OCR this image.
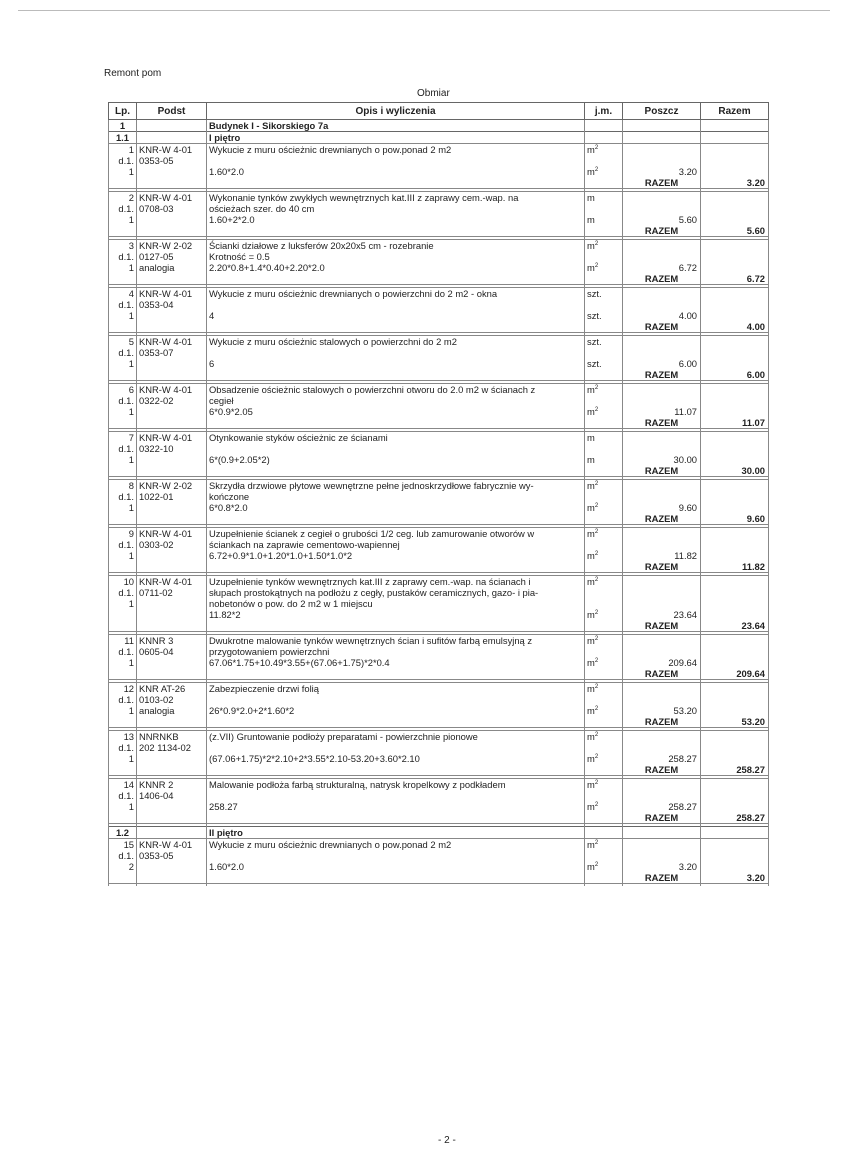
Remont pom
Obmiar
Lp.	Podst	Opis i wyliczenia	j.m.	Poszcz	Razem
1		Budynek I - Sikorskiego 7a			
1.1		I piętro			
1	KNR-W 4-01	Wykucie z muru ościeżnic drewnianych o pow.ponad 2 m2	$m^2$		
d.1.	0353-05				
1		1.60*2.0	$m^2$	3.20	
				RAZEM	3.20

2	KNR-W 4-01	Wykonanie tynków zwykłych wewnętrznych kat.III z zaprawy cem.-wap. na	m		
d.1.	0708-03	ościeżach szer. do 40 cm			
1		1.60+2*2.0	m	5.60	
				RAZEM	5.60

3	KNR-W 2-02	Ścianki działowe z luksferów 20x20x5 cm - rozebranie	$m^2$		
d.1.	0127-05	Krotność = 0.5			
1	analogia	2.20*0.8+1.4*0.40+2.20*2.0	$m^2$	6.72	
				RAZEM	6.72

4	KNR-W 4-01	Wykucie z muru ościeżnic drewnianych o powierzchni do 2 m2 - okna	szt.		
d.1.	0353-04				
1		4	szt.	4.00	
				RAZEM	4.00

5	KNR-W 4-01	Wykucie z muru ościeżnic stalowych o powierzchni do 2 m2	szt.		
d.1.	0353-07				
1		6	szt.	6.00	
				RAZEM	6.00

6	KNR-W 4-01	Obsadzenie ościeżnic stalowych o powierzchni otworu do 2.0 m2 w ścianach z	$m^2$		
d.1.	0322-02	cegieł			
1		6*0.9*2.05	$m^2$	11.07	
				RAZEM	11.07

7	KNR-W 4-01	Otynkowanie styków ościeżnic ze ścianami	m		
d.1.	0322-10				
1		6*(0.9+2.05*2)	m	30.00	
				RAZEM	30.00

8	KNR-W 2-02	Skrzydła drzwiowe płytowe wewnętrzne pełne jednoskrzydłowe fabrycznie wy-	$m^2$		
d.1.	1022-01	kończone			
1		6*0.8*2.0	$m^2$	9.60	
				RAZEM	9.60

9	KNR-W 4-01	Uzupełnienie ścianek z cegieł o grubości 1/2 ceg. lub zamurowanie otworów w	$m^2$		
d.1.	0303-02	ściankach na zaprawie cementowo-wapiennej			
1		6.72+0.9*1.0+1.20*1.0+1.50*1.0*2	$m^2$	11.82	
				RAZEM	11.82

10	KNR-W 4-01	Uzupełnienie tynków wewnętrznych kat.III z zaprawy cem.-wap. na ścianach i	$m^2$		
d.1.	0711-02	słupach prostokątnych na podłożu z cegły, pustaków ceramicznych, gazo- i pia-			
1		nobetonów o pow. do 2 m2 w 1 miejscu			
		11.82*2	$m^2$	23.64	
				RAZEM	23.64

11	KNNR 3	Dwukrotne malowanie tynków wewnętrznych ścian i sufitów farbą emulsyjną z	$m^2$		
d.1.	0605-04	przygotowaniem powierzchni			
1		67.06*1.75+10.49*3.55+(67.06+1.75)*2*0.4	$m^2$	209.64	
				RAZEM	209.64

12	KNR AT-26	Zabezpieczenie drzwi folią	$m^2$		
d.1.	0103-02				
1	analogia	26*0.9*2.0+2*1.60*2	$m^2$	53.20	
				RAZEM	53.20

13	NNRNKB	(z.VII) Gruntowanie podłoży preparatami - powierzchnie pionowe	$m^2$		
d.1.	202 1134-02				
1		(67.06+1.75)*2*2.10+2*3.55*2.10-53.20+3.60*2.10	$m^2$	258.27	
				RAZEM	258.27

14	KNNR 2	Malowanie podłoża farbą strukturalną, natrysk kropelkowy z podkładem	$m^2$		
d.1.	1406-04				
1		258.27	$m^2$	258.27	
				RAZEM	258.27

1.2		II piętro			
15	KNR-W 4-01	Wykucie z muru ościeżnic drewnianych o pow.ponad 2 m2	$m^2$		
d.1.	0353-05				
2		1.60*2.0	$m^2$	3.20	
				RAZEM	3.20

- 2 -
